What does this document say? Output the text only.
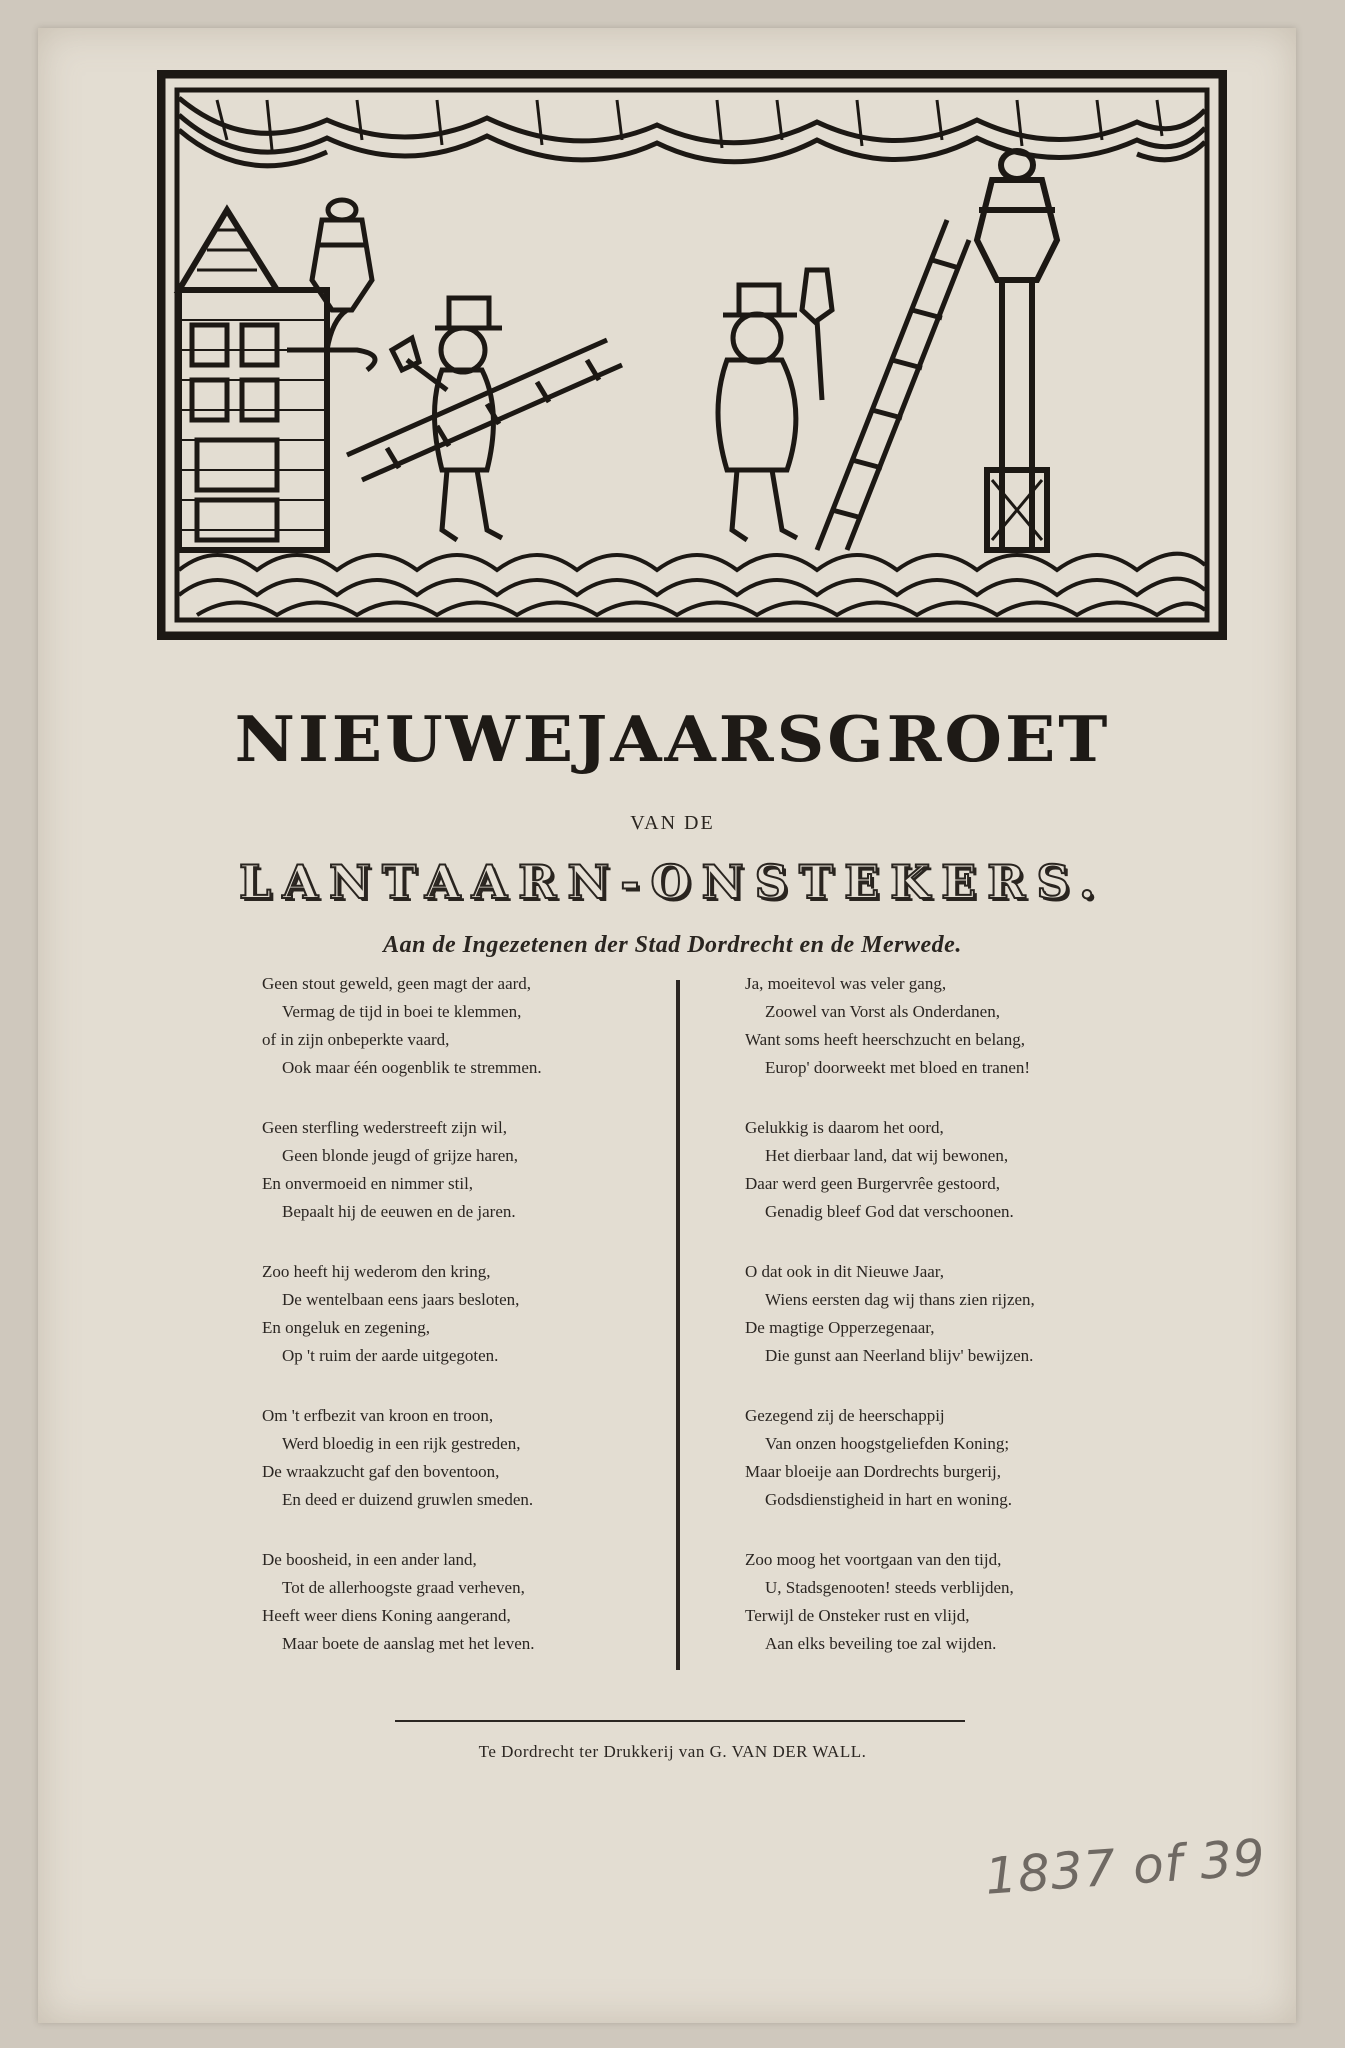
NIEUWEJAARSGROET
VAN DE
LANTAARN-ONSTEKERS.
Aan de Ingezetenen der Stad Dordrecht en de Merwede.
Geen stout geweld, geen magt der aard,
Vermag de tijd in boei te klemmen,
of in zijn onbeperkte vaard,
Ook maar één oogenblik te stremmen.
Geen sterfling wederstreeft zijn wil,
Geen blonde jeugd of grijze haren,
En onvermoeid en nimmer stil,
Bepaalt hij de eeuwen en de jaren.
Zoo heeft hij wederom den kring,
De wentelbaan eens jaars besloten,
En ongeluk en zegening,
Op 't ruim der aarde uitgegoten.
Om 't erfbezit van kroon en troon,
Werd bloedig in een rijk gestreden,
De wraakzucht gaf den boventoon,
En deed er duizend gruwlen smeden.
De boosheid, in een ander land,
Tot de allerhoogste graad verheven,
Heeft weer diens Koning aangerand,
Maar boete de aanslag met het leven.
Ja, moeitevol was veler gang,
Zoowel van Vorst als Onderdanen,
Want soms heeft heerschzucht en belang,
Europ' doorweekt met bloed en tranen!
Gelukkig is daarom het oord,
Het dierbaar land, dat wij bewonen,
Daar werd geen Burgervrêe gestoord,
Genadig bleef God dat verschoonen.
O dat ook in dit Nieuwe Jaar,
Wiens eersten dag wij thans zien rijzen,
De magtige Opperzegenaar,
Die gunst aan Neerland blijv' bewijzen.
Gezegend zij de heerschappij
Van onzen hoogstgeliefden Koning;
Maar bloeije aan Dordrechts burgerij,
Godsdienstigheid in hart en woning.
Zoo moog het voortgaan van den tijd,
U, Stadsgenooten! steeds verblijden,
Terwijl de Onsteker rust en vlijd,
Aan elks beveiling toe zal wijden.
Te Dordrecht ter Drukkerij van G. VAN DER WALL.
1837 of 39
